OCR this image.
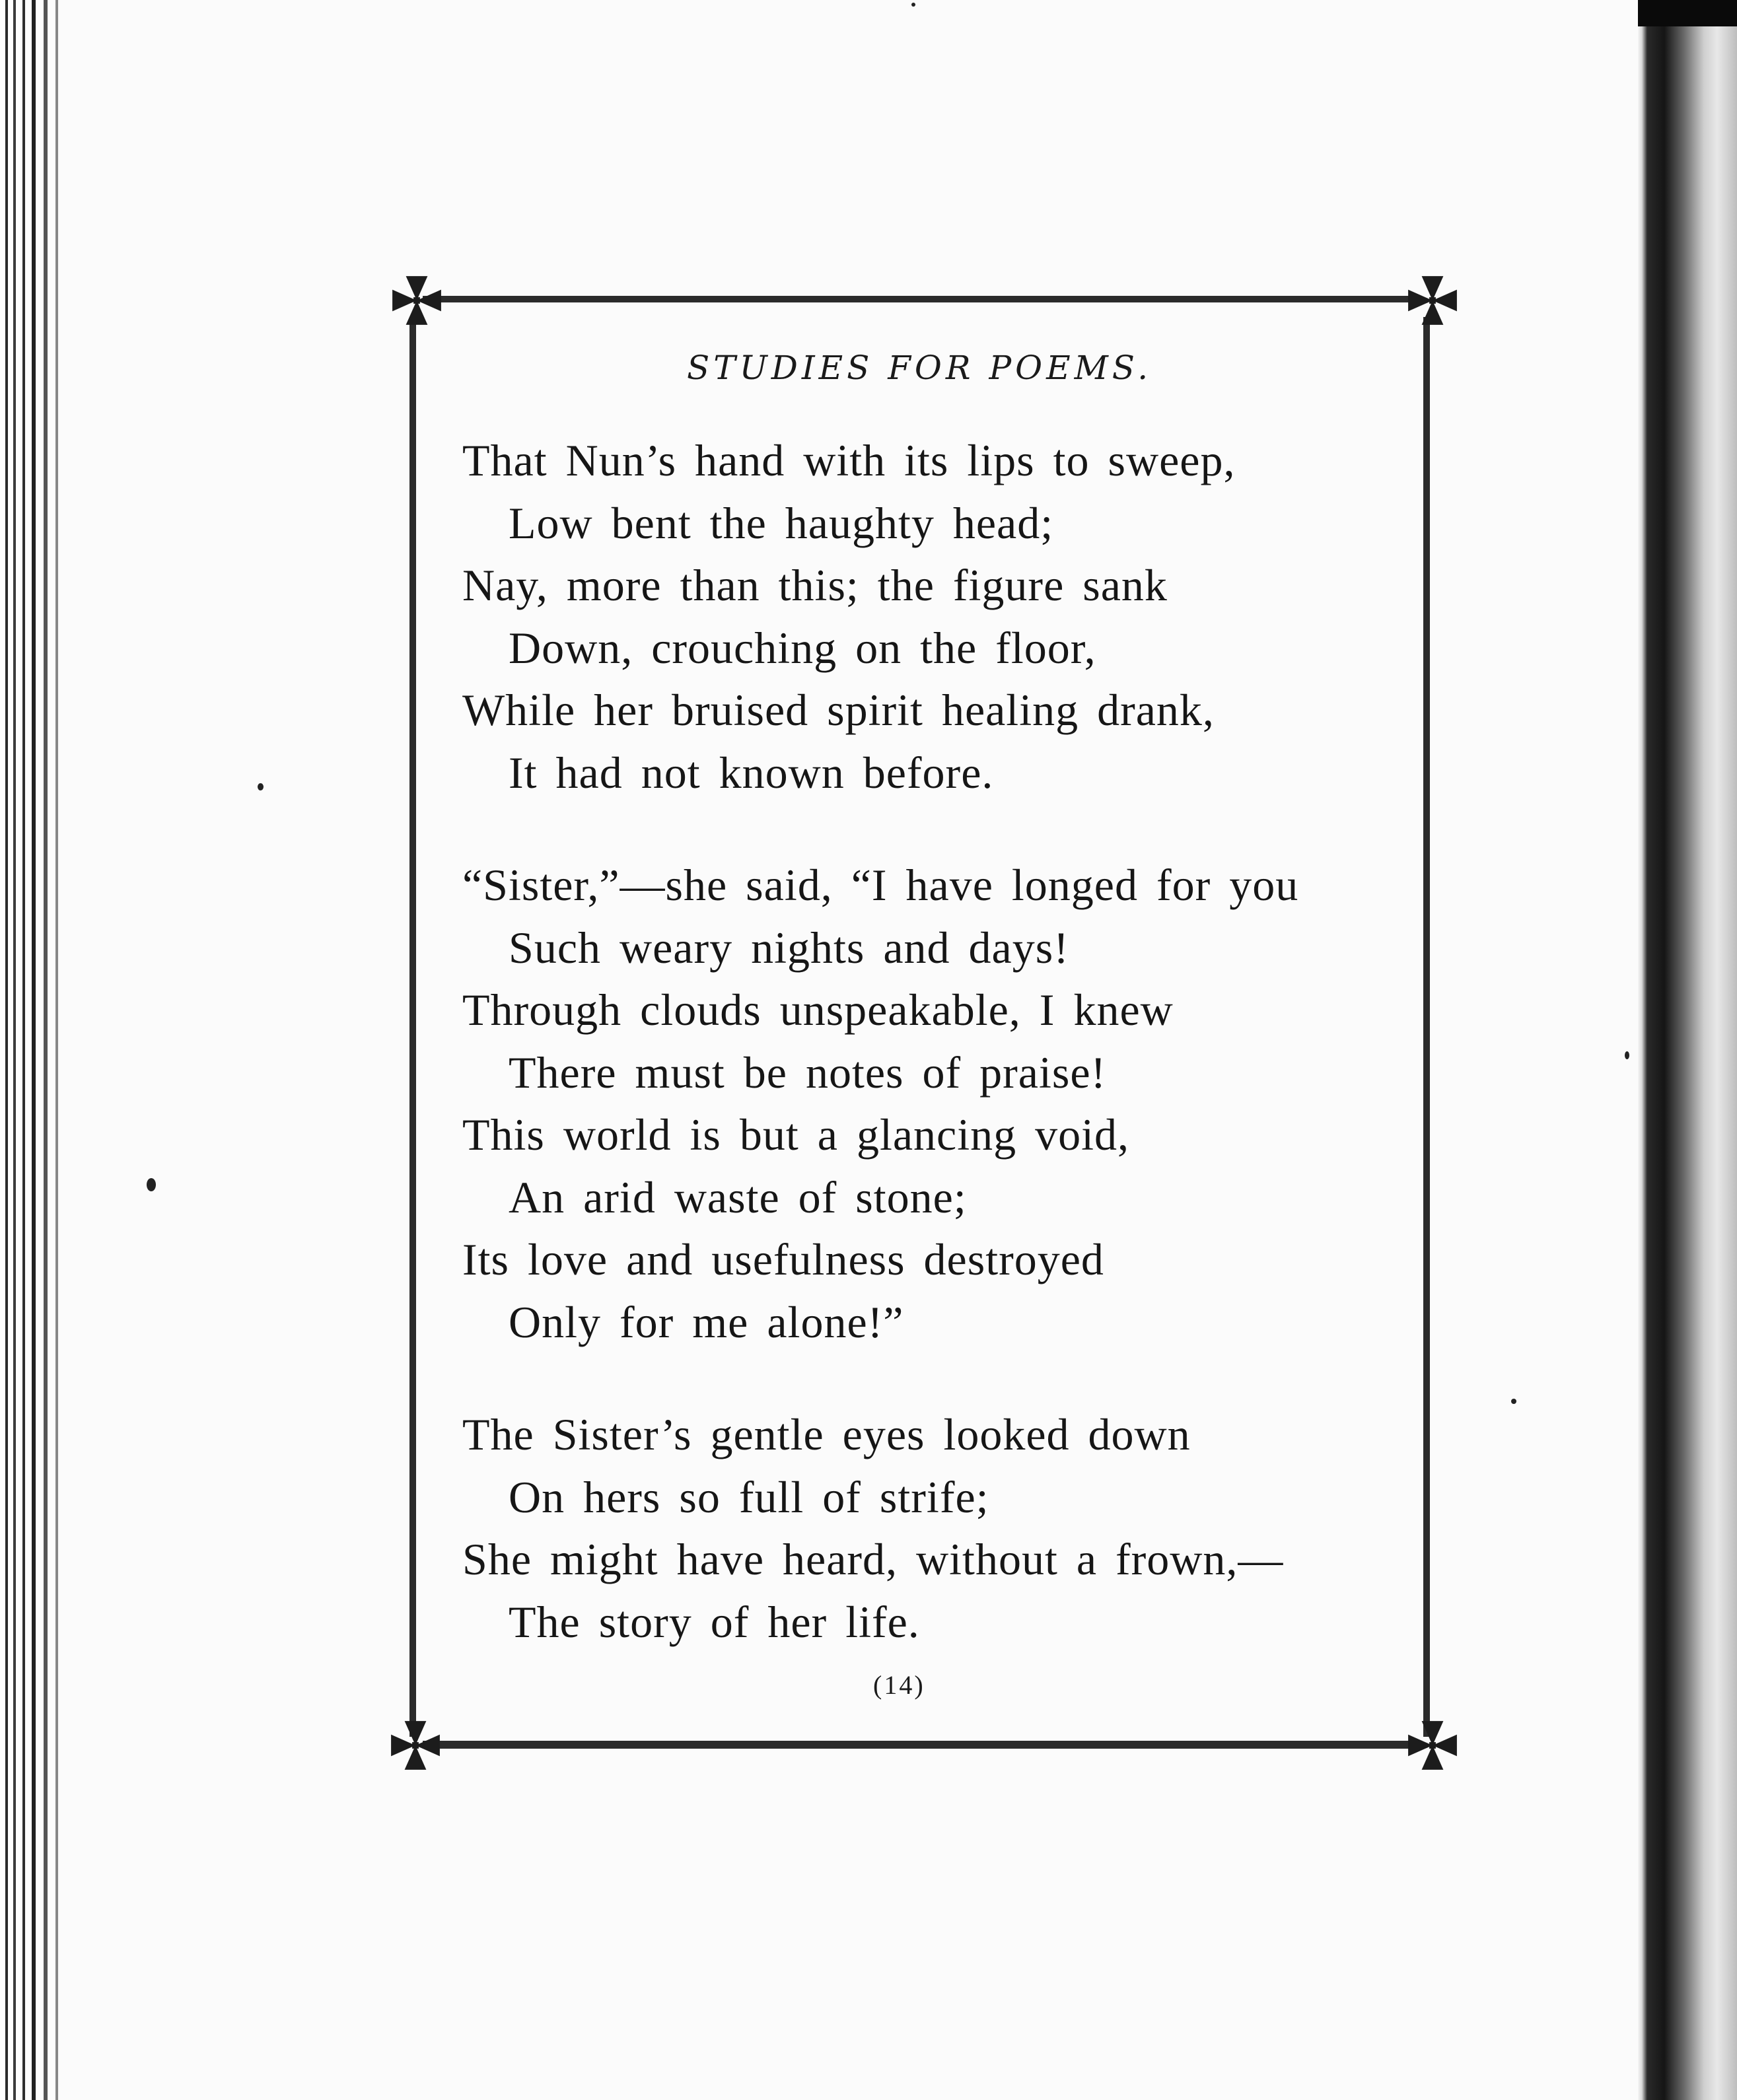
STUDIES FOR POEMS.
That Nun’s hand with its lips to sweep,
Low bent the haughty head;
Nay, more than this; the figure sank
Down, crouching on the floor,
While her bruised spirit healing drank,
It had not known before.
“Sister,”—she said, “I have longed for you
Such weary nights and days!
Through clouds unspeakable, I knew
There must be notes of praise!
This world is but a glancing void,
An arid waste of stone;
Its love and usefulness destroyed
Only for me alone!”
The Sister’s gentle eyes looked down
On hers so full of strife;
She might have heard, without a frown,—
The story of her life.
(14)
